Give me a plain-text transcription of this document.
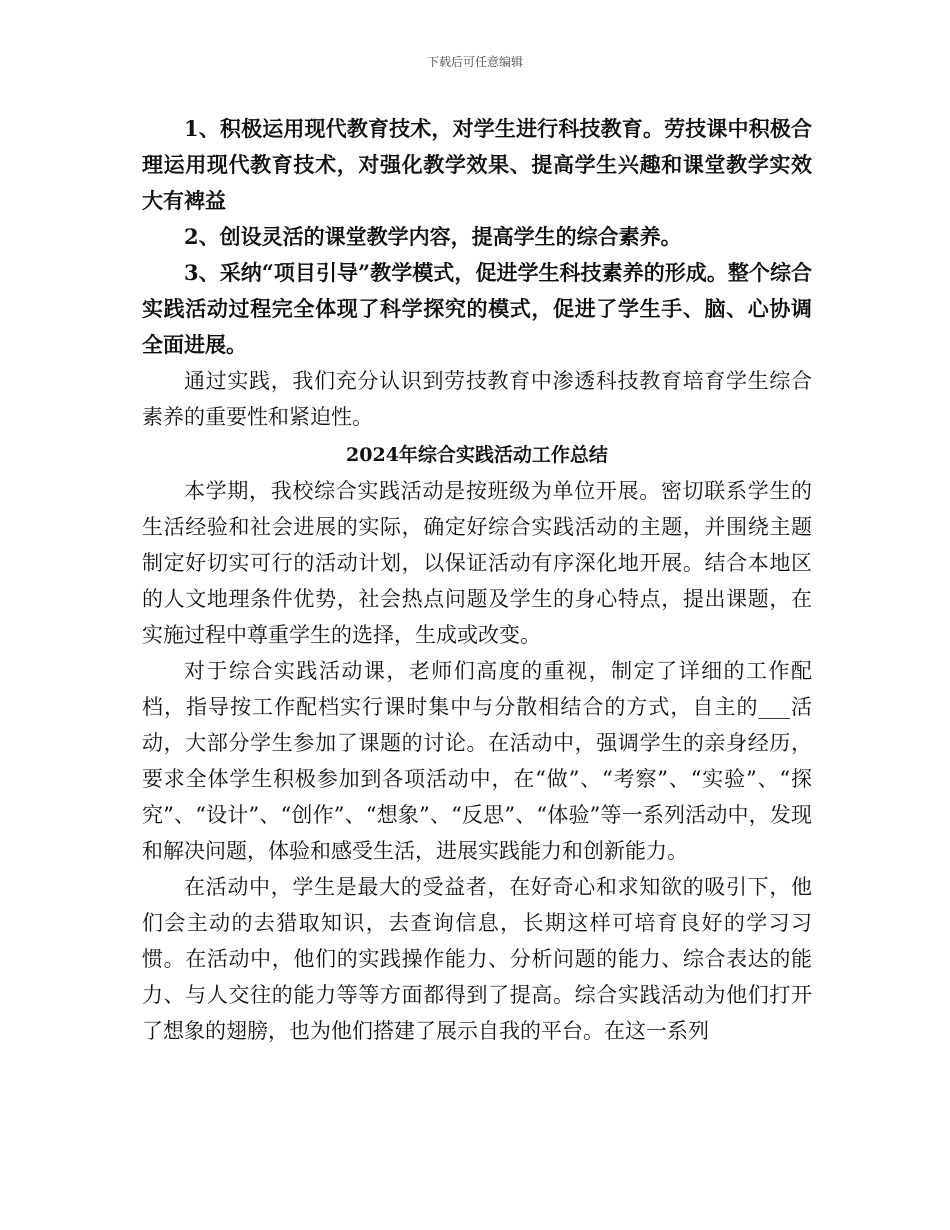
下载后可任意编辑

1、积极运用现代教育技术，对学生进行科技教育。劳技课中积极合理运用现代教育技术，对强化教学效果、提高学生兴趣和课堂教学实效大有裨益

2、创设灵活的课堂教学内容，提高学生的综合素养。

3、采纳“项目引导”教学模式，促进学生科技素养的形成。整个综合实践活动过程完全体现了科学探究的模式，促进了学生手、脑、心协调全面进展。

通过实践，我们充分认识到劳技教育中渗透科技教育培育学生综合素养的重要性和紧迫性。

2024年综合实践活动工作总结

本学期，我校综合实践活动是按班级为单位开展。密切联系学生的生活经验和社会进展的实际，确定好综合实践活动的主题，并围绕主题制定好切实可行的活动计划，以保证活动有序深化地开展。结合本地区的人文地理条件优势，社会热点问题及学生的身心特点，提出课题，在实施过程中尊重学生的选择，生成或改变。

对于综合实践活动课，老师们高度的重视，制定了详细的工作配档，指导按工作配档实行课时集中与分散相结合的方式，自主的___活动，大部分学生参加了课题的讨论。在活动中，强调学生的亲身经历，要求全体学生积极参加到各项活动中，在“做”、“考察”、“实验”、“探究”、“设计”、“创作”、“想象”、“反思”、“体验”等一系列活动中，发现和解决问题，体验和感受生活，进展实践能力和创新能力。

在活动中，学生是最大的受益者，在好奇心和求知欲的吸引下，他们会主动的去猎取知识，去查询信息，长期这样可培育良好的学习习惯。在活动中，他们的实践操作能力、分析问题的能力、综合表达的能力、与人交往的能力等等方面都得到了提高。综合实践活动为他们打开了想象的翅膀，也为他们搭建了展示自我的平台。在这一系列
